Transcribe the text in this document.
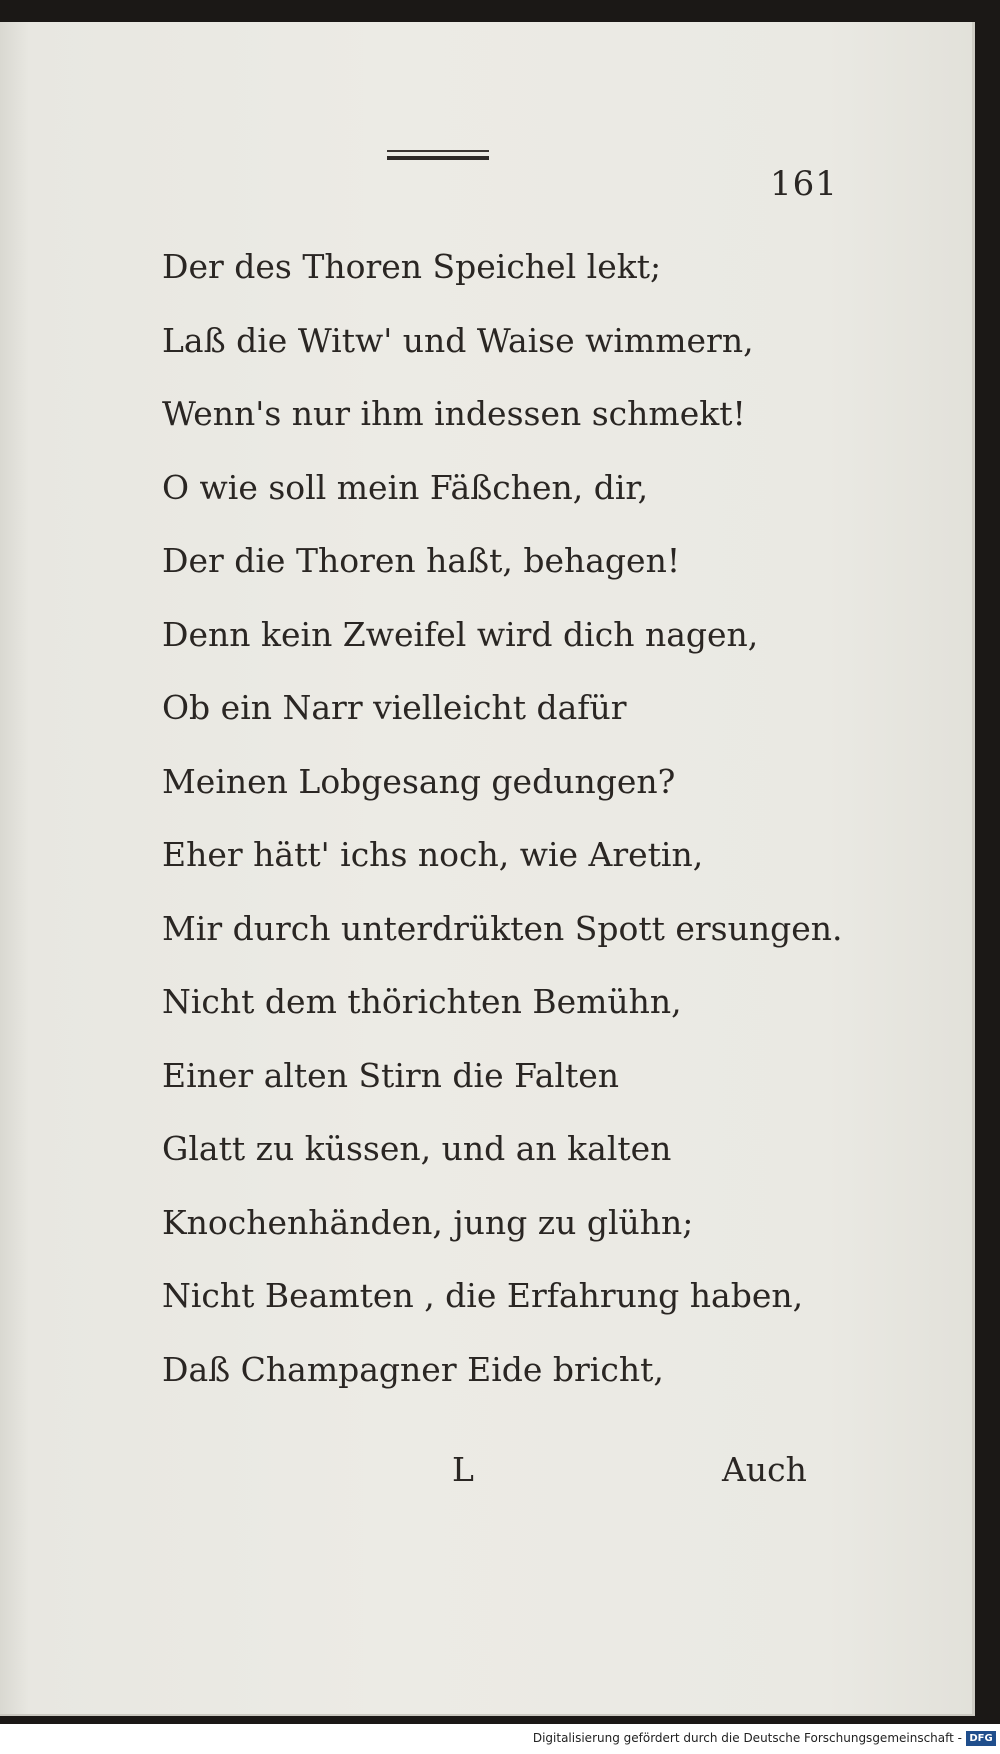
161
Der des Thoren Speichel lekt;
Laß die Witw' und Waise wimmern,
Wenn's nur ihm indessen schmekt!
O wie soll mein Fäßchen, dir,
Der die Thoren haßt, behagen!
Denn kein Zweifel wird dich nagen,
Ob ein Narr vielleicht dafür
Meinen Lobgesang gedungen?
Eher hätt' ichs noch, wie Aretin,
Mir durch unterdrükten Spott ersungen.
Nicht dem thörichten Bemühn,
Einer alten Stirn die Falten
Glatt zu küssen, und an kalten
Knochenhänden, jung zu glühn;
Nicht Beamten , die Erfahrung haben,
Daß Champagner Eide bricht,
L	Auch
Digitalisierung gefördert durch die Deutsche Forschungsgemeinschaft - DFG
